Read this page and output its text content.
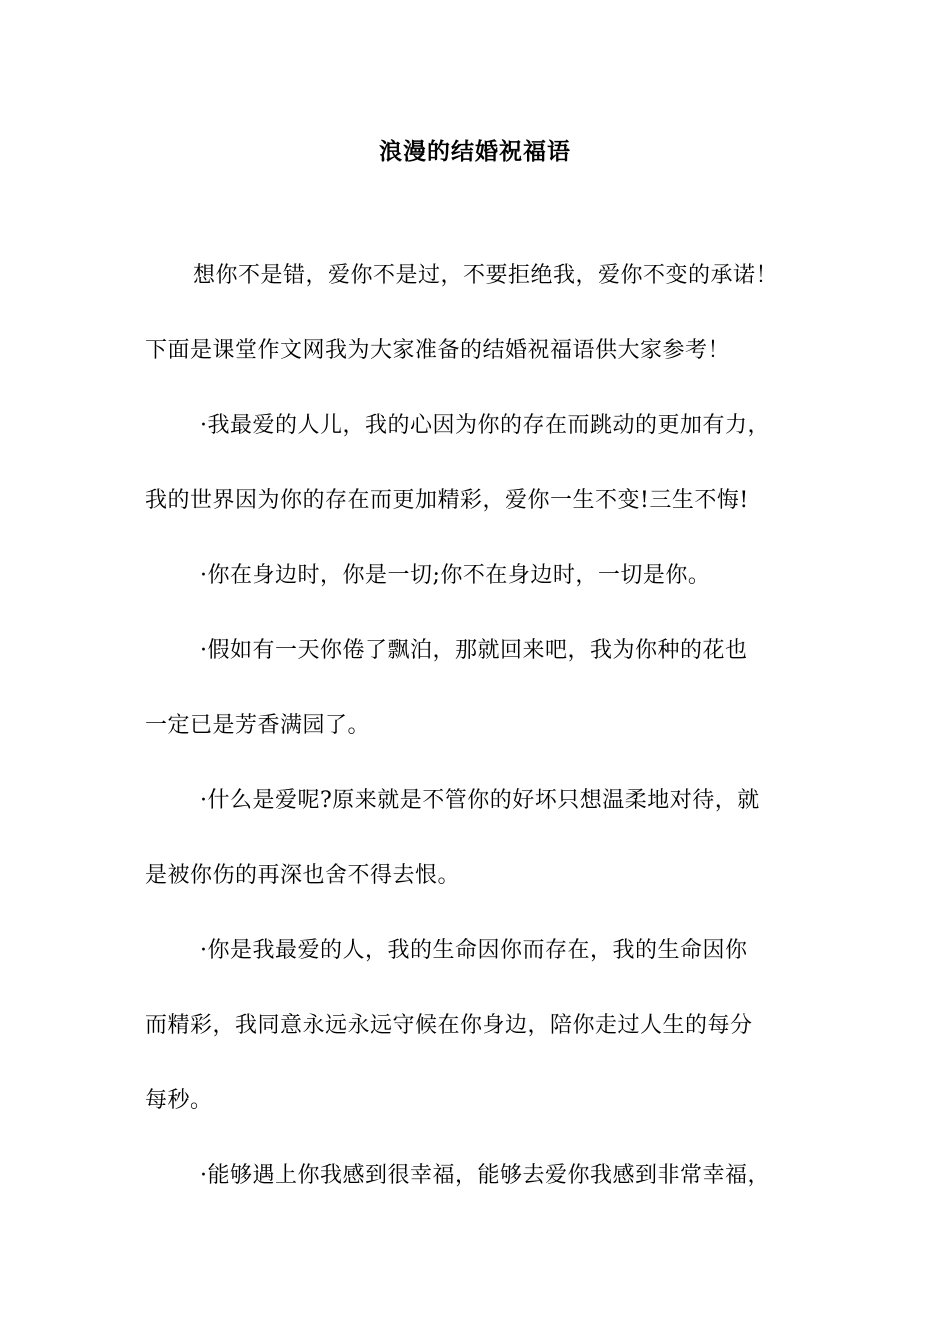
浪漫的结婚祝福语
想你不是错，爱你不是过，不要拒绝我，爱你不变的承诺！
下面是课堂作文网我为大家准备的结婚祝福语供大家参考！
·我最爱的人儿，我的心因为你的存在而跳动的更加有力，
我的世界因为你的存在而更加精彩，爱你一生不变!三生不悔!
·你在身边时，你是一切;你不在身边时，一切是你。
·假如有一天你倦了飘泊，那就回来吧，我为你种的花也
一定已是芳香满园了。
·什么是爱呢?原来就是不管你的好坏只想温柔地对待，就
是被你伤的再深也舍不得去恨。
·你是我最爱的人，我的生命因你而存在，我的生命因你
而精彩，我同意永远永远守候在你身边，陪你走过人生的每分
每秒。
·能够遇上你我感到很幸福，能够去爱你我感到非常幸福，
